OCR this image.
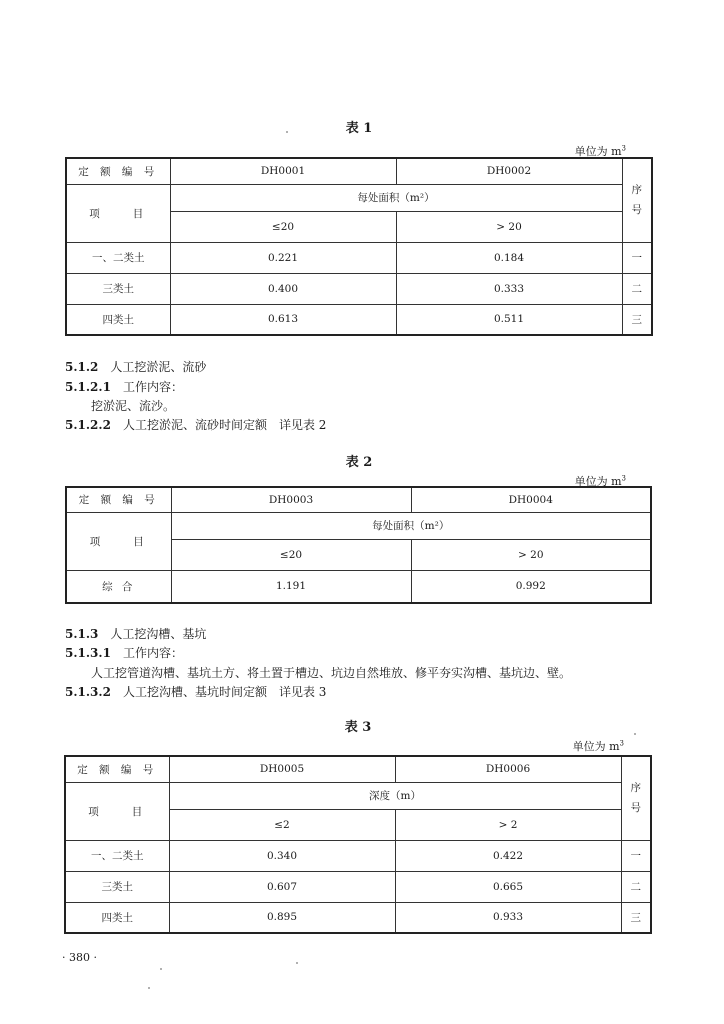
表 1
单位为 $m^3$
定 额 编 号	DH0001	DH0002	序号
项　　目	每处面积（m²）		
	≤20	> 20	
一、二类土	0.221	0.184	一
三类土	0.400	0.333	二
四类土	0.613	0.511	三
5.1.2　 人工挖淤泥、流砂
5.1.2.1　 工作内容：
挖淤泥、流沙。
5.1.2.2　 人工挖淤泥、流砂时间定额　详见表 2
表 2
单位为 $m^3$
定 额 编 号	DH0003	DH0004
项　　目	每处面积（m²）	
	≤20	> 20
综 合	1.191	0.992
5.1.3　 人工挖沟槽、基坑
5.1.3.1　 工作内容：
人工挖管道沟槽、基坑土方、将土置于槽边、坑边自然堆放、修平夯实沟槽、基坑边、壁。
5.1.3.2　 人工挖沟槽、基坑时间定额　详见表 3
表 3
单位为 $m^3$
定 额 编 号	DH0005	DH0006	序号
项　　目	深度（m）		
	≤2	> 2	
一、二类土	0.340	0.422	一
三类土	0.607	0.665	二
四类土	0.895	0.933	三
· 380 ·
